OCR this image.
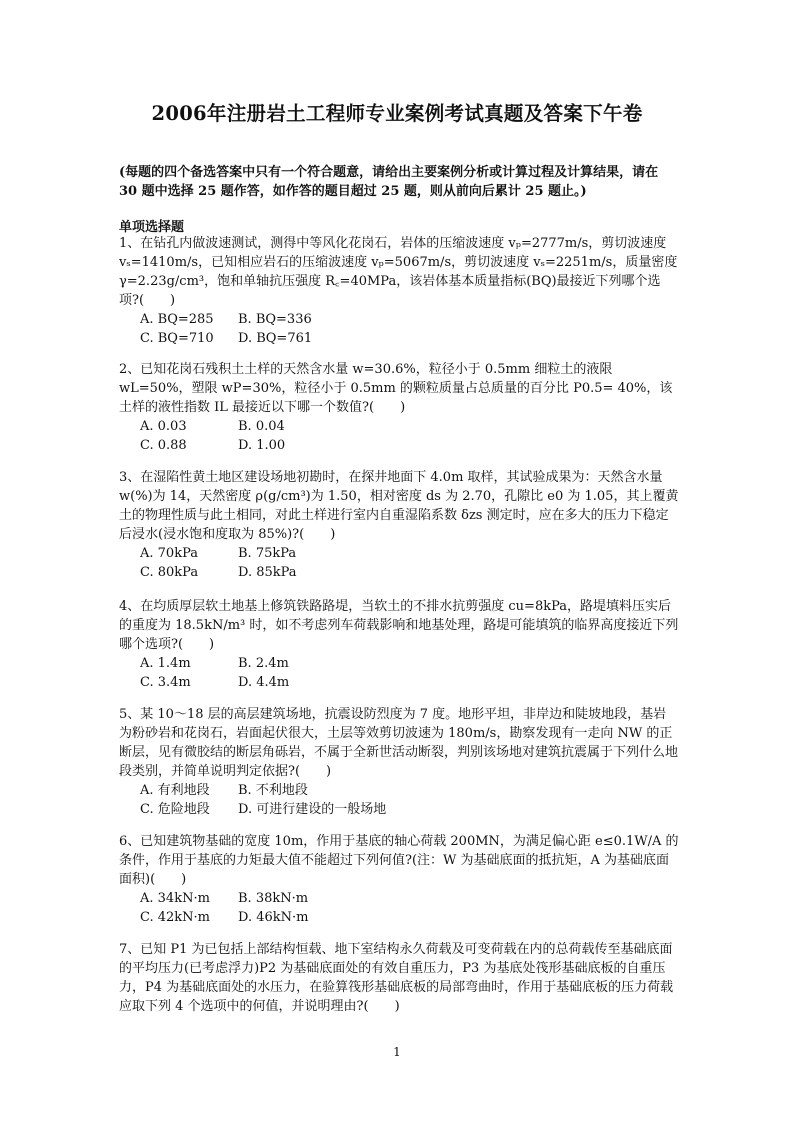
2006年注册岩土工程师专业案例考试真题及答案下午卷
(每题的四个备选答案中只有一个符合题意，请给出主要案例分析或计算过程及计算结果，请在 30 题中选择 25 题作答，如作答的题目超过 25 题，则从前向后累计 25 题止。)
单项选择题

1、在钻孔内做波速测试，测得中等风化花岗石，岩体的压缩波速度 vₚ=2777m/s，剪切波速度 vₛ=1410m/s，已知相应岩石的压缩波速度 vₚ=5067m/s，剪切波速度 vₛ=2251m/s，质量密度 γ=2.23g/cm³，饱和单轴抗压强度 R꜀=40MPa，该岩体基本质量指标(BQ)最接近下列哪个选项?(　　)

A. BQ=285	B. BQ=336
C. BQ=710	D. BQ=761

2、已知花岗石残积土土样的天然含水量 w=30.6%，粒径小于 0.5mm 细粒土的液限 wL=50%，塑限 wP=30%，粒径小于 0.5mm 的颗粒质量占总质量的百分比 P0.5= 40%，该土样的液性指数 IL 最接近以下哪一个数值?(　　)

A. 0.03	B. 0.04
C. 0.88	D. 1.00

3、在湿陷性黄土地区建设场地初勘时，在探井地面下 4.0m 取样，其试验成果为：天然含水量 w(%)为 14，天然密度 ρ(g/cm³)为 1.50，相对密度 ds 为 2.70，孔隙比 e0 为 1.05，其上覆黄土的物理性质与此土相同，对此土样进行室内自重湿陷系数 δzs 测定时，应在多大的压力下稳定后浸水(浸水饱和度取为 85%)?(　　)

A. 70kPa	B. 75kPa
C. 80kPa	D. 85kPa

4、在均质厚层软土地基上修筑铁路路堤，当软土的不排水抗剪强度 cu=8kPa，路堤填料压实后的重度为 18.5kN/m³ 时，如不考虑列车荷载影响和地基处理，路堤可能填筑的临界高度接近下列哪个选项?(　　)

A. 1.4m	B. 2.4m
C. 3.4m	D. 4.4m

5、某 10～18 层的高层建筑场地，抗震设防烈度为 7 度。地形平坦，非岸边和陡坡地段，基岩为粉砂岩和花岗石，岩面起伏很大，土层等效剪切波速为 180m/s，勘察发现有一走向 NW 的正断层，见有微胶结的断层角砾岩，不属于全新世活动断裂，判别该场地对建筑抗震属于下列什么地段类别，并简单说明判定依据?(　　)

A. 有利地段	B. 不利地段
C. 危险地段	D. 可进行建设的一般场地

6、已知建筑物基础的宽度 10m，作用于基底的轴心荷载 200MN，为满足偏心距 e≤0.1W/A 的条件，作用于基底的力矩最大值不能超过下列何值?(注：W 为基础底面的抵抗矩，A 为基础底面面积)(　　)

A. 34kN·m	B. 38kN·m
C. 42kN·m	D. 46kN·m

7、已知 P1 为已包括上部结构恒载、地下室结构永久荷载及可变荷载在内的总荷载传至基础底面的平均压力(已考虑浮力)P2 为基础底面处的有效自重压力，P3 为基底处筏形基础底板的自重压力，P4 为基础底面处的水压力，在验算筏形基础底板的局部弯曲时，作用于基础底板的压力荷载应取下列 4 个选项中的何值，并说明理由?(　　)

1
